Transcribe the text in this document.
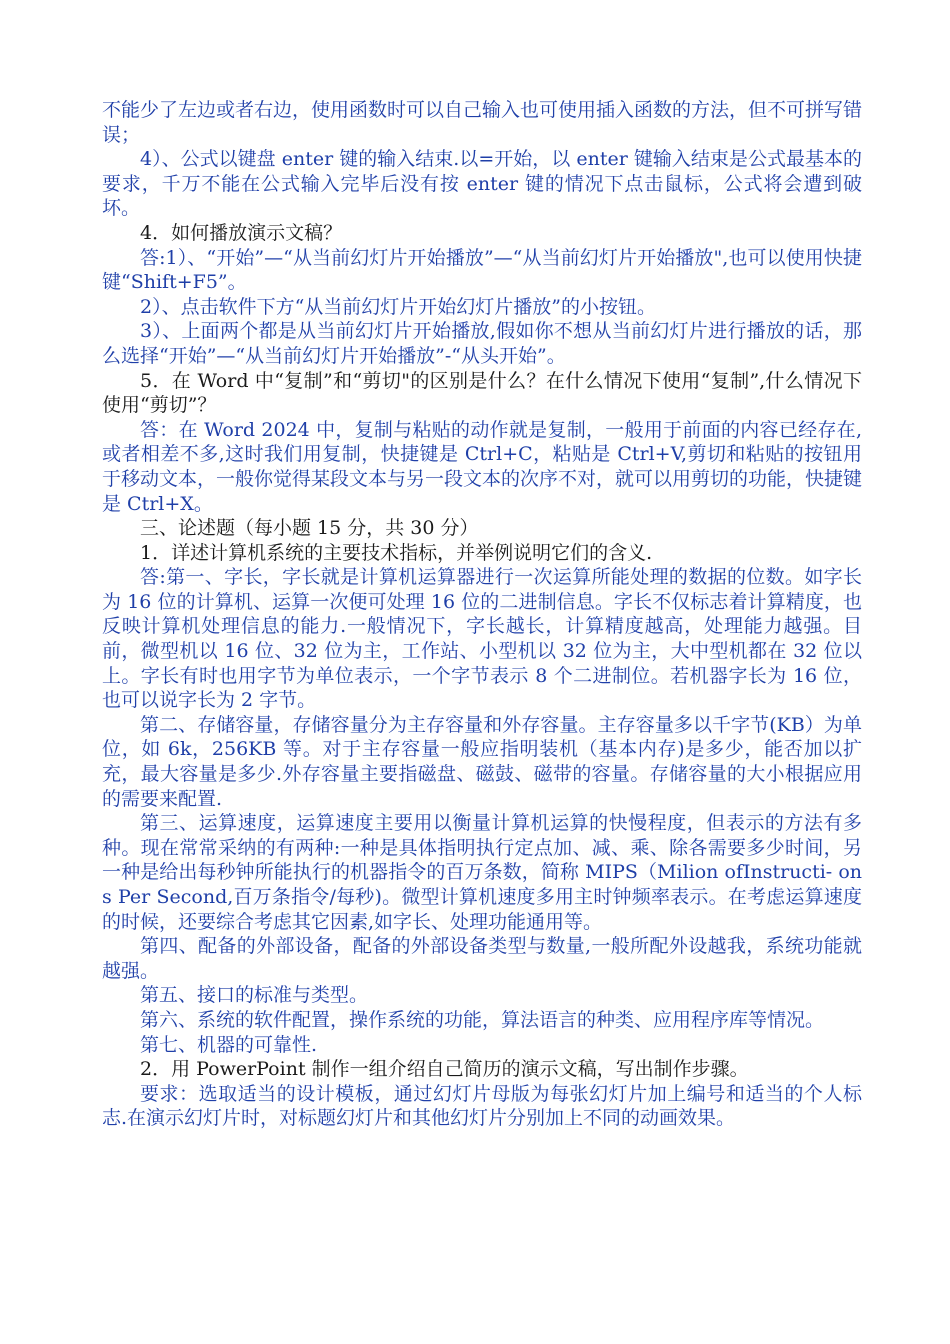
不能少了左边或者右边，使用函数时可以自己输入也可使用插入函数的方法，但不可拼写错误；

4）、公式以键盘 enter 键的输入结束.以=开始，以 enter 键输入结束是公式最基本的要求，千万不能在公式输入完毕后没有按 enter 键的情况下点击鼠标，公式将会遭到破坏。

4．如何播放演示文稿？

答:1）、“开始”—“从当前幻灯片开始播放”—“从当前幻灯片开始播放",也可以使用快捷键“Shift+F5”。

2）、点击软件下方“从当前幻灯片开始幻灯片播放”的小按钮。

3）、上面两个都是从当前幻灯片开始播放,假如你不想从当前幻灯片进行播放的话，那么选择“开始”—“从当前幻灯片开始播放”-“从头开始”。

5．在 Word 中“复制”和“剪切"的区别是什么？在什么情况下使用“复制”,什么情况下使用“剪切”？

答：在 Word 2024 中，复制与粘贴的动作就是复制，一般用于前面的内容已经存在,或者相差不多,这时我们用复制，快捷键是 Ctrl+C，粘贴是 Ctrl+V,剪切和粘贴的按钮用于移动文本，一般你觉得某段文本与另一段文本的次序不对，就可以用剪切的功能，快捷键是 Ctrl+X。

三、论述题（每小题 15 分，共 30 分）

1．详述计算机系统的主要技术指标，并举例说明它们的含义.

答:第一、字长，字长就是计算机运算器进行一次运算所能处理的数据的位数。如字长为 16 位的计算机、运算一次便可处理 16 位的二进制信息。字长不仅标志着计算精度，也反映计算机处理信息的能力.一般情况下，字长越长，计算精度越高，处理能力越强。目前，微型机以 16 位、32 位为主，工作站、小型机以 32 位为主，大中型机都在 32 位以上。字长有时也用字节为单位表示，一个字节表示 8 个二进制位。若机器字长为 16 位，也可以说字长为 2 字节。

第二、存储容量，存储容量分为主存容量和外存容量。主存容量多以千字节(KB）为单位，如 6k，256KB 等。对于主存容量一般应指明装机（基本内存)是多少，能否加以扩充，最大容量是多少.外存容量主要指磁盘、磁鼓、磁带的容量。存储容量的大小根据应用的需要来配置.

第三、运算速度，运算速度主要用以衡量计算机运算的快慢程度，但表示的方法有多种。现在常常采纳的有两种:一种是具体指明执行定点加、减、乘、除各需要多少时间，另一种是给出每秒钟所能执行的机器指令的百万条数，简称 MIPS（Milion ofInstructi- ons Per Second,百万条指令/每秒)。微型计算机速度多用主时钟频率表示。在考虑运算速度的时候，还要综合考虑其它因素,如字长、处理功能通用等。

第四、配备的外部设备，配备的外部设备类型与数量,一般所配外设越我，系统功能就越强。

第五、接口的标准与类型。

第六、系统的软件配置，操作系统的功能，算法语言的种类、应用程序库等情况。

第七、机器的可靠性.

2．用 PowerPoint 制作一组介绍自己简历的演示文稿，写出制作步骤。

要求：选取适当的设计模板，通过幻灯片母版为每张幻灯片加上编号和适当的个人标志.在演示幻灯片时，对标题幻灯片和其他幻灯片分别加上不同的动画效果。
